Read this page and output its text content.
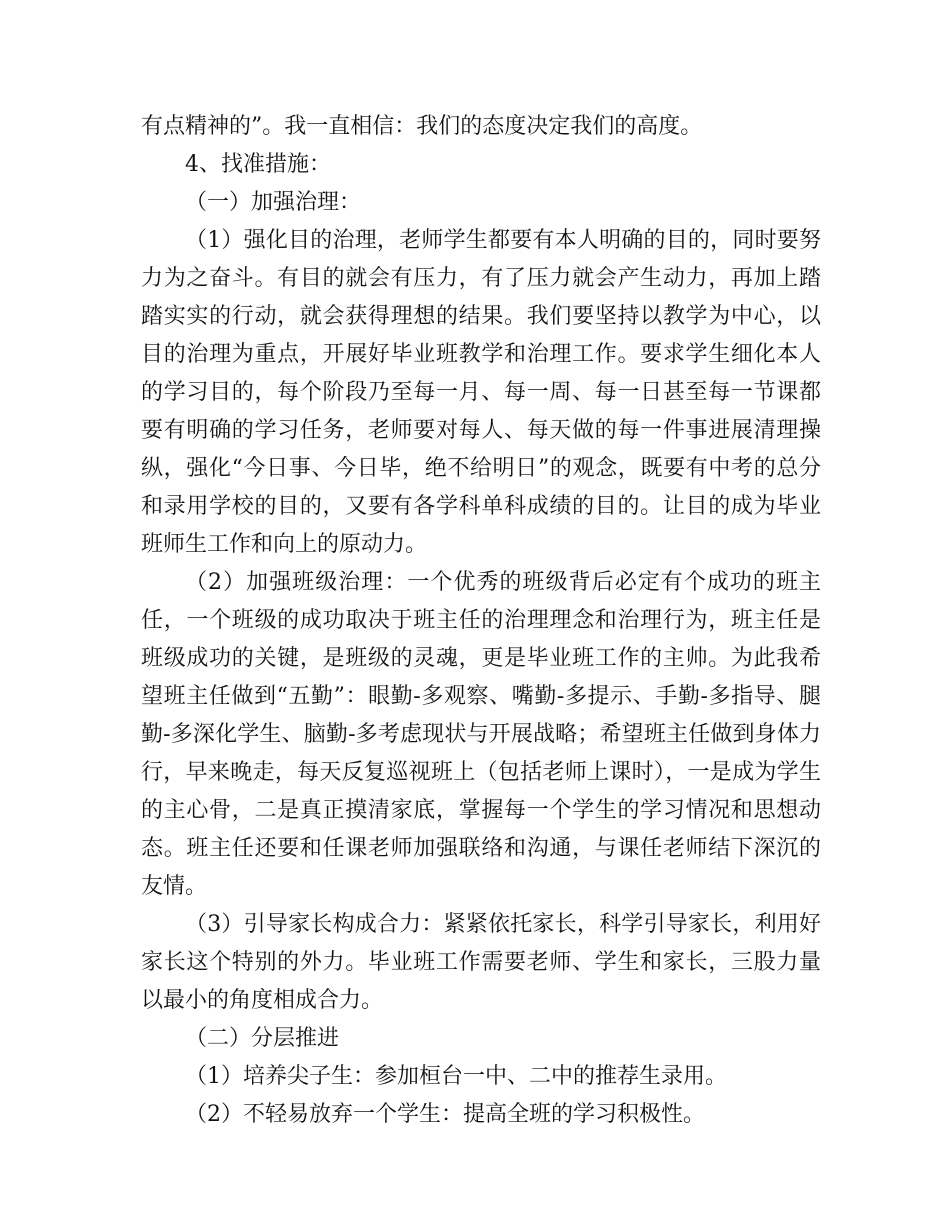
有点精神的”。我一直相信：我们的态度决定我们的高度。

4、找准措施：

（一）加强治理：

（1）强化目的治理，老师学生都要有本人明确的目的，同时要努力为之奋斗。有目的就会有压力，有了压力就会产生动力，再加上踏踏实实的行动，就会获得理想的结果。我们要坚持以教学为中心，以目的治理为重点，开展好毕业班教学和治理工作。要求学生细化本人的学习目的，每个阶段乃至每一月、每一周、每一日甚至每一节课都要有明确的学习任务，老师要对每人、每天做的每一件事进展清理操纵，强化“今日事、今日毕，绝不给明日”的观念，既要有中考的总分和录用学校的目的，又要有各学科单科成绩的目的。让目的成为毕业班师生工作和向上的原动力。

（2）加强班级治理：一个优秀的班级背后必定有个成功的班主任，一个班级的成功取决于班主任的治理理念和治理行为，班主任是班级成功的关键，是班级的灵魂，更是毕业班工作的主帅。为此我希望班主任做到“五勤”：眼勤-多观察、嘴勤-多提示、手勤-多指导、腿勤-多深化学生、脑勤-多考虑现状与开展战略；希望班主任做到身体力行，早来晚走，每天反复巡视班上（包括老师上课时），一是成为学生的主心骨，二是真正摸清家底，掌握每一个学生的学习情况和思想动态。班主任还要和任课老师加强联络和沟通，与课任老师结下深沉的友情。

（3）引导家长构成合力：紧紧依托家长，科学引导家长，利用好家长这个特别的外力。毕业班工作需要老师、学生和家长，三股力量以最小的角度相成合力。

（二）分层推进

（1）培养尖子生：参加桓台一中、二中的推荐生录用。

（2）不轻易放弃一个学生：提高全班的学习积极性。
